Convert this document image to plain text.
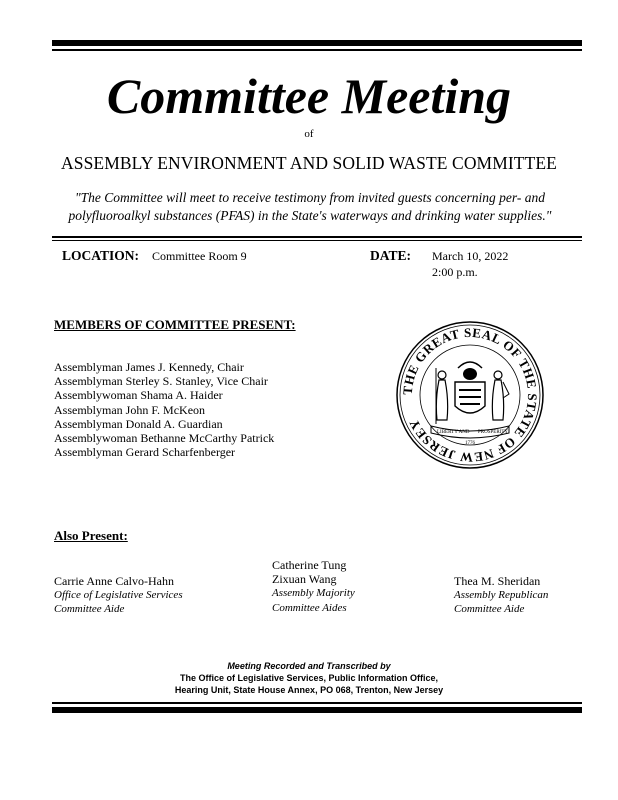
Committee Meeting
of
ASSEMBLY ENVIRONMENT AND SOLID WASTE COMMITTEE
"The Committee will meet to receive testimony from invited guests concerning per- and
polyfluoroalkyl substances (PFAS) in the State's waterways and drinking water supplies."
LOCATION: Committee Room 9	DATE: March 10, 2022
2:00 p.m.
MEMBERS OF COMMITTEE PRESENT:
Assemblyman James J. Kennedy, Chair
Assemblyman Sterley S. Stanley, Vice Chair
Assemblywoman Shama A. Haider
Assemblyman John F. McKeon
Assemblyman Donald A. Guardian
Assemblywoman Bethanne McCarthy Patrick
Assemblyman Gerard Scharfenberger
THE GREAT SEAL OF THE STATE OF NEW JERSEY
LIBERTY AND PROSPERITY
1776
Also Present:
Carrie Anne Calvo-Hahn
Office of Legislative Services
Committee Aide
Catherine Tung
Zixuan Wang
Assembly Majority
Committee Aides
Thea M. Sheridan
Assembly Republican
Committee Aide
Meeting Recorded and Transcribed by
The Office of Legislative Services, Public Information Office,
Hearing Unit, State House Annex, PO 068, Trenton, New Jersey
